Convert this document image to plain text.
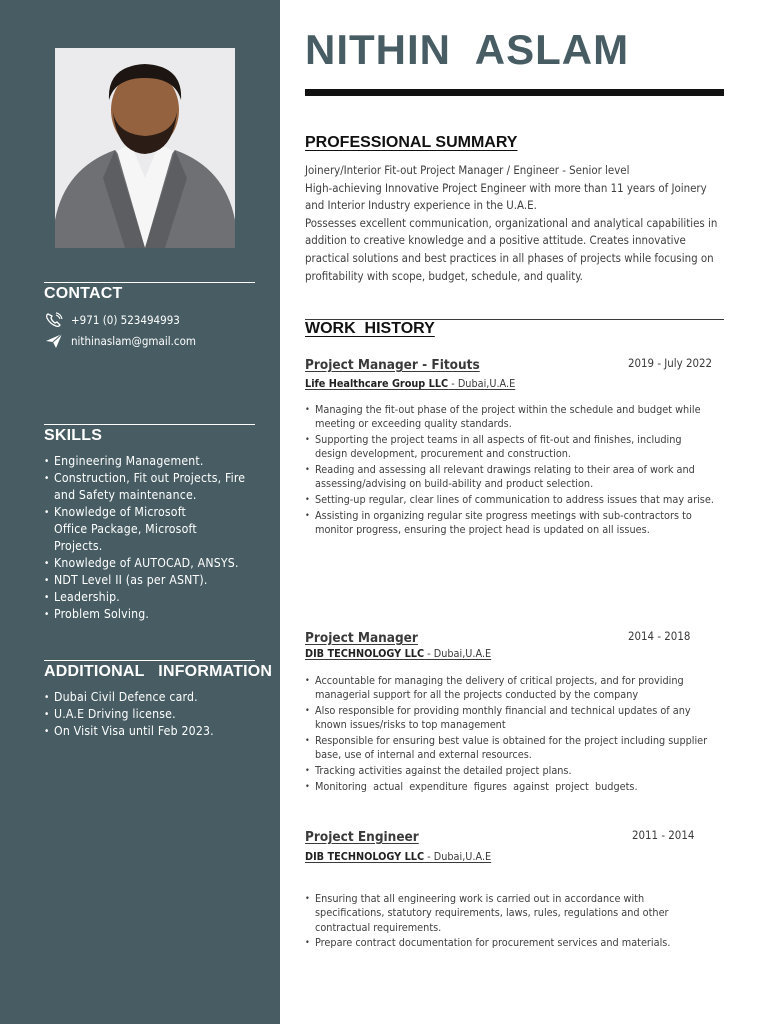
CONTACT
+971 (0) 523494993
nithinaslam@gmail.com
SKILLS
• Engineering Management.
• Construction, Fit out Projects, Fire and Safety maintenance.
• Knowledge of Microsoft Office Package, Microsoft Projects.
• Knowledge of AUTOCAD, ANSYS.
• NDT Level II (as per ASNT).
• Leadership.
• Problem Solving.
ADDITIONAL   INFORMATION
• Dubai Civil Defence card.
• U.A.E Driving license.
• On Visit Visa until Feb 2023.
NITHIN  ASLAM
PROFESSIONAL SUMMARY
Joinery/Interior Fit-out Project Manager / Engineer - Senior level
High-achieving Innovative Project Engineer with more than 11 years of Joinery and Interior Industry experience in the U.A.E.
Possesses excellent communication, organizational and analytical capabilities in addition to creative knowledge and a positive attitude. Creates innovative practical solutions and best practices in all phases of projects while focusing on profitability with scope, budget, schedule, and quality.
WORK  HISTORY
Project Manager - Fitouts	2019 - July 2022
Life Healthcare Group LLC - Dubai,U.A.E
• Managing the fit-out phase of the project within the schedule and budget while meeting or exceeding quality standards.
• Supporting the project teams in all aspects of fit-out and finishes, including design development, procurement and construction.
• Reading and assessing all relevant drawings relating to their area of work and assessing/advising on build-ability and product selection.
• Setting-up regular, clear lines of communication to address issues that may arise.
• Assisting in organizing regular site progress meetings with sub-contractors to monitor progress, ensuring the project head is updated on all issues.
Project Manager	2014 - 2018
DIB TECHNOLOGY LLC - Dubai,U.A.E
• Accountable for managing the delivery of critical projects, and for providing managerial support for all the projects conducted by the company
• Also responsible for providing monthly financial and technical updates of any known issues/risks to top management
• Responsible for ensuring best value is obtained for the project including supplier base, use of internal and external resources.
• Tracking activities against the detailed project plans.
• Monitoring  actual  expenditure  figures  against  project  budgets.
Project Engineer	2011 - 2014
DIB TECHNOLOGY LLC - Dubai,U.A.E
• Ensuring that all engineering work is carried out in accordance with specifications, statutory requirements, laws, rules, regulations and other contractual requirements.
• Prepare contract documentation for procurement services and materials.
